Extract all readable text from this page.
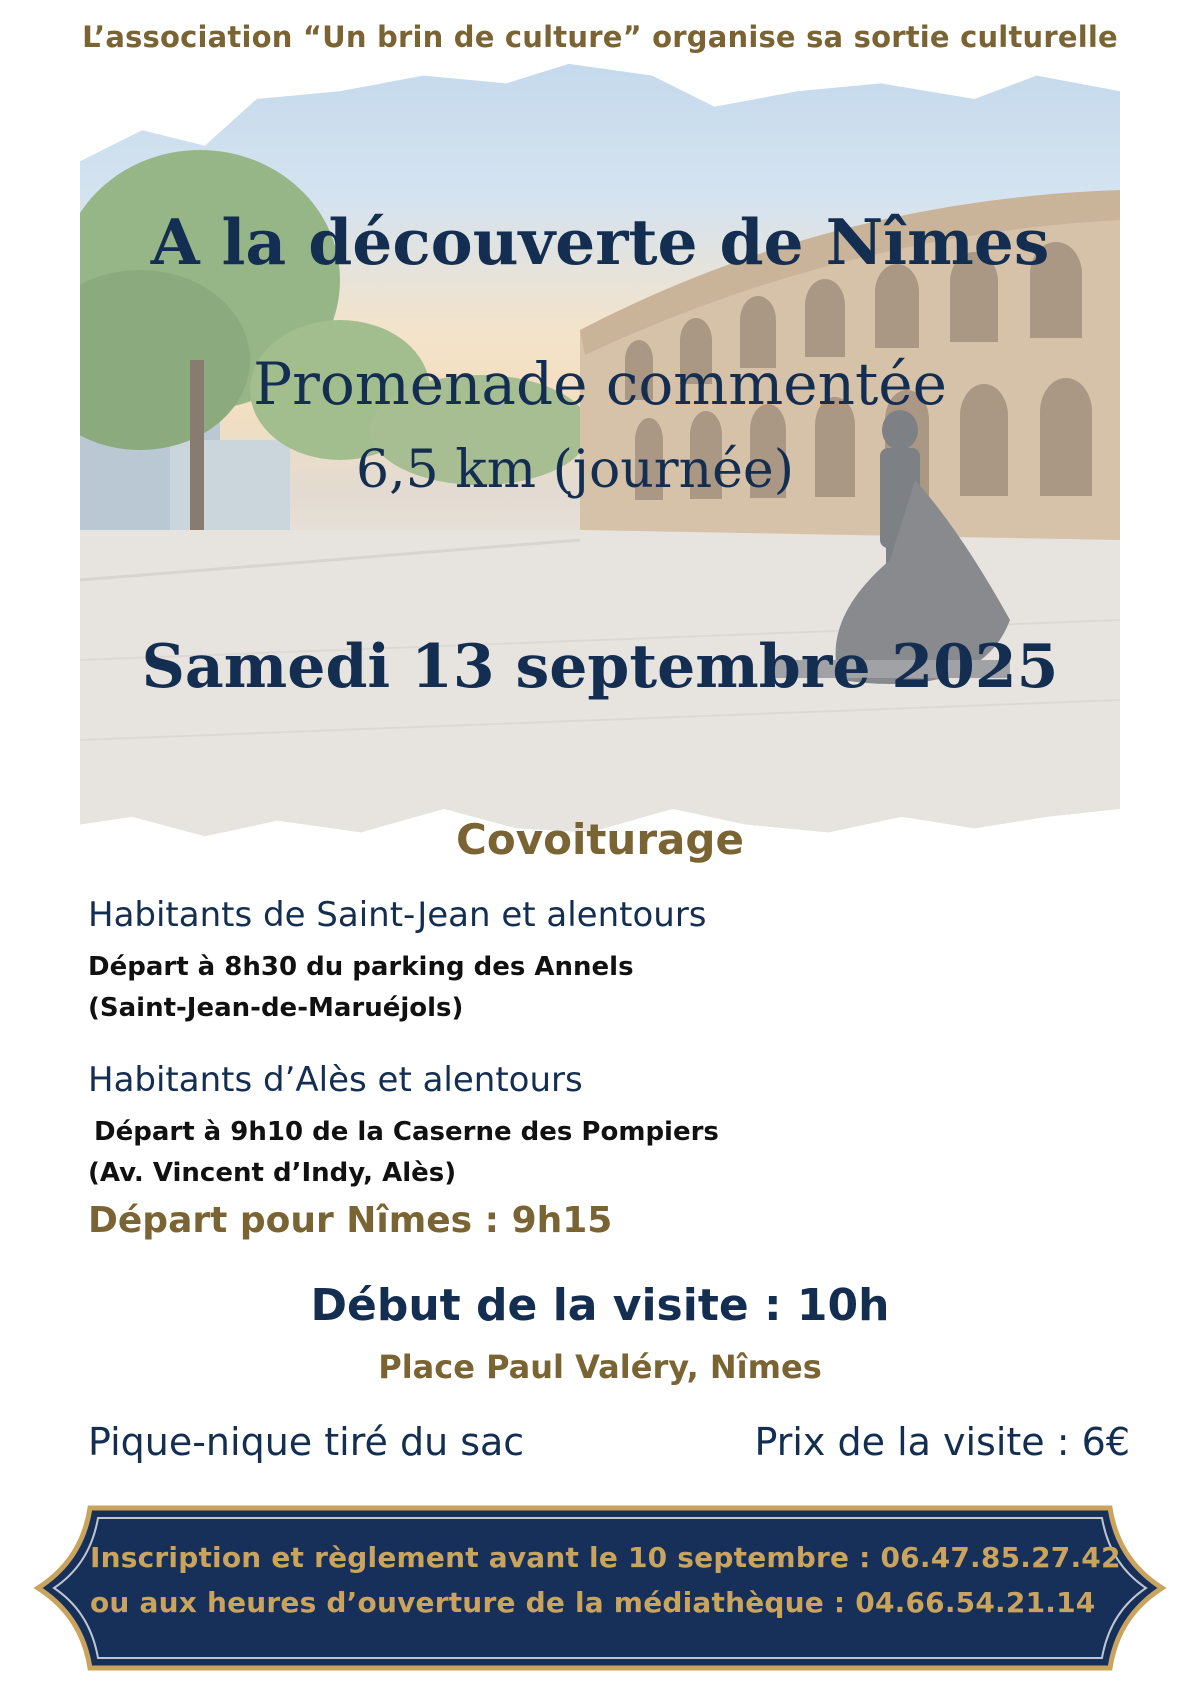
L’association “Un brin de culture” organise sa sortie culturelle
A la découverte de Nîmes
Promenade commentée
6,5 km (journée)
Samedi 13 septembre 2025
Covoiturage
Habitants de Saint-Jean et alentours
Départ à 8h30 du parking des Annels
(Saint-Jean-de-Maruéjols)
Habitants d’Alès et alentours
Départ à 9h10 de la Caserne des Pompiers
(Av. Vincent d’Indy, Alès)
Départ pour Nîmes : 9h15
Début de la visite : 10h
Place Paul Valéry, Nîmes
Pique-nique tiré du sac	Prix de la visite : 6€
Inscription et règlement avant le 10 septembre : 06.47.85.27.42
ou aux heures d’ouverture de la médiathèque : 04.66.54.21.14
